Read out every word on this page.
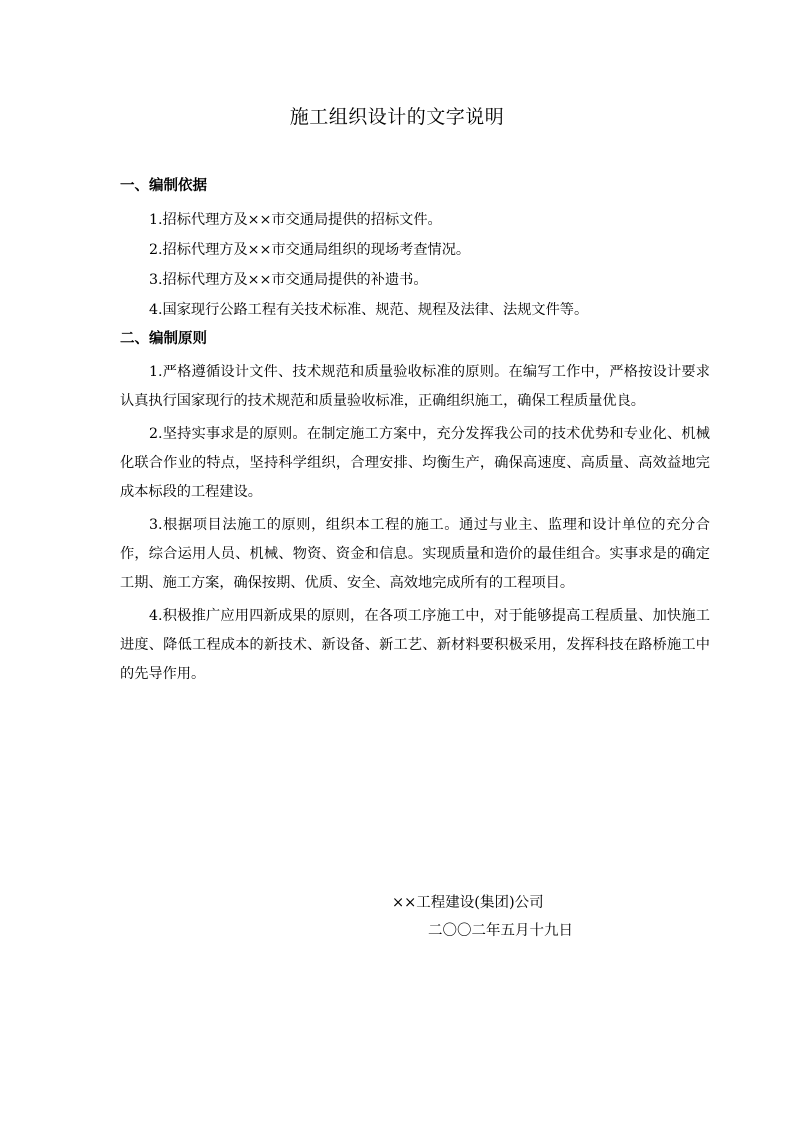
施工组织设计的文字说明
一、编制依据
1.招标代理方及××市交通局提供的招标文件。
2.招标代理方及××市交通局组织的现场考查情况。
3.招标代理方及××市交通局提供的补遗书。
4.国家现行公路工程有关技术标准、规范、规程及法律、法规文件等。
二、编制原则
1.严格遵循设计文件、技术规范和质量验收标准的原则。在编写工作中，严格按设计要求认真执行国家现行的技术规范和质量验收标准，正确组织施工，确保工程质量优良。
2.坚持实事求是的原则。在制定施工方案中，充分发挥我公司的技术优势和专业化、机械化联合作业的特点，坚持科学组织，合理安排、均衡生产，确保高速度、高质量、高效益地完成本标段的工程建设。
3.根据项目法施工的原则，组织本工程的施工。通过与业主、监理和设计单位的充分合作，综合运用人员、机械、物资、资金和信息。实现质量和造价的最佳组合。实事求是的确定工期、施工方案，确保按期、优质、安全、高效地完成所有的工程项目。
4.积极推广应用四新成果的原则，在各项工序施工中，对于能够提高工程质量、加快施工进度、降低工程成本的新技术、新设备、新工艺、新材料要积极采用，发挥科技在路桥施工中的先导作用。
××工程建设(集团)公司
二〇〇二年五月十九日
